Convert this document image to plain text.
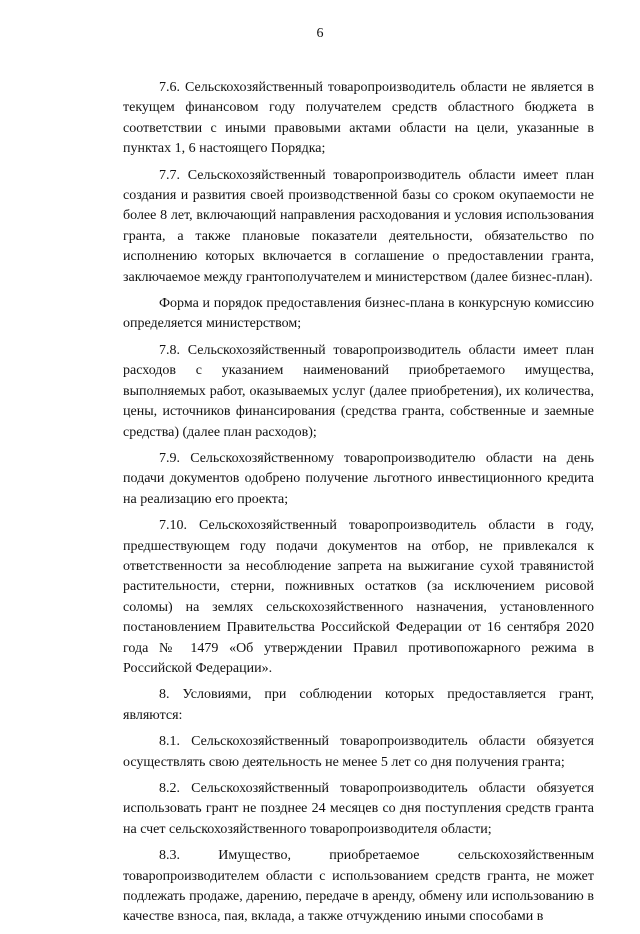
6

7.6. Сельскохозяйственный товаропроизводитель области не является в текущем финансовом году получателем средств областного бюджета в соответствии с иными правовыми актами области на цели, указанные в пунктах 1, 6 настоящего Порядка;

7.7. Сельскохозяйственный товаропроизводитель области имеет план создания и развития своей производственной базы со сроком окупаемости не более 8 лет, включающий направления расходования и условия использования гранта, а также плановые показатели деятельности, обязательство по исполнению которых включается в соглашение о предоставлении гранта, заключаемое между грантополучателем и министерством (далее бизнес-план).

Форма и порядок предоставления бизнес-плана в конкурсную комиссию определяется министерством;

7.8. Сельскохозяйственный товаропроизводитель области имеет план расходов с указанием наименований приобретаемого имущества, выполняемых работ, оказываемых услуг (далее приобретения), их количества, цены, источников финансирования (средства гранта, собственные и заемные средства) (далее план расходов);

7.9. Сельскохозяйственному товаропроизводителю области на день подачи документов одобрено получение льготного инвестиционного кредита на реализацию его проекта;

7.10. Сельскохозяйственный товаропроизводитель области в году, предшествующем году подачи документов на отбор, не привлекался к ответственности за несоблюдение запрета на выжигание сухой травянистой растительности, стерни, пожнивных остатков (за исключением рисовой соломы) на землях сельскохозяйственного назначения, установленного постановлением Правительства Российской Федерации от 16 сентября 2020 года № 1479 «Об утверждении Правил противопожарного режима в Российской Федерации».

8. Условиями, при соблюдении которых предоставляется грант, являются:

8.1. Сельскохозяйственный товаропроизводитель области обязуется осуществлять свою деятельность не менее 5 лет со дня получения гранта;

8.2. Сельскохозяйственный товаропроизводитель области обязуется использовать грант не позднее 24 месяцев со дня поступления средств гранта на счет сельскохозяйственного товаропроизводителя области;

8.3. Имущество, приобретаемое сельскохозяйственным товаропроизводителем области с использованием средств гранта, не может подлежать продаже, дарению, передаче в аренду, обмену или использованию в качестве взноса, пая, вклада, а также отчуждению иными способами в
